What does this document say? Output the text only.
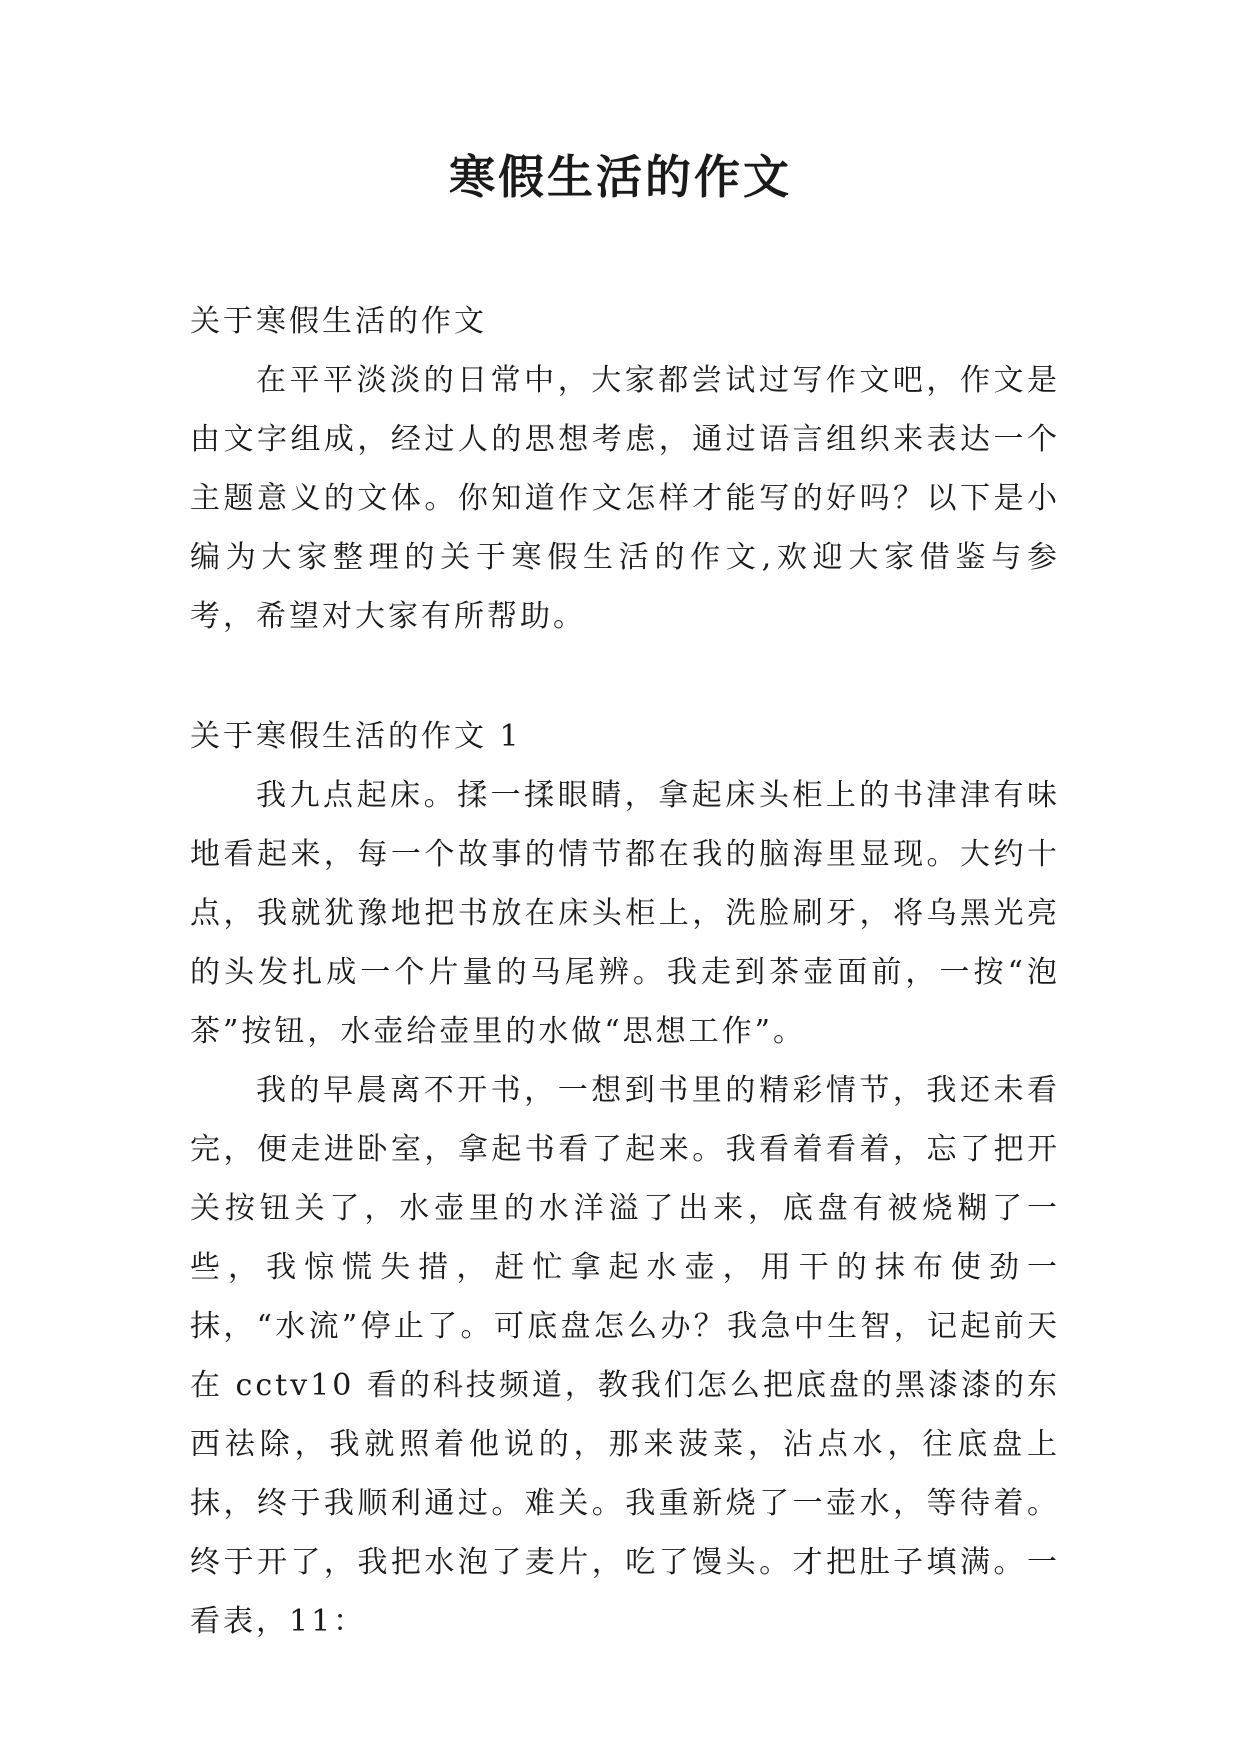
寒假生活的作文

关于寒假生活的作文

在平平淡淡的日常中，大家都尝试过写作文吧，作文是由文字组成，经过人的思想考虑，通过语言组织来表达一个主题意义的文体。你知道作文怎样才能写的好吗？以下是小编为大家整理的关于寒假生活的作文,欢迎大家借鉴与参考，希望对大家有所帮助。

关于寒假生活的作文 1

我九点起床。揉一揉眼睛，拿起床头柜上的书津津有味地看起来，每一个故事的情节都在我的脑海里显现。大约十点，我就犹豫地把书放在床头柜上，洗脸刷牙，将乌黑光亮的头发扎成一个片量的马尾辨。我走到茶壶面前，一按“泡茶”按钮，水壶给壶里的水做“思想工作”。

我的早晨离不开书，一想到书里的精彩情节，我还未看完，便走进卧室，拿起书看了起来。我看着看着，忘了把开关按钮关了，水壶里的水洋溢了出来，底盘有被烧糊了一些，我惊慌失措，赶忙拿起水壶，用干的抹布使劲一抹，“水流”停止了。可底盘怎么办？我急中生智，记起前天在 cctv10 看的科技频道，教我们怎么把底盘的黑漆漆的东西祛除，我就照着他说的，那来菠菜，沾点水，往底盘上抹，终于我顺利通过。难关。我重新烧了一壶水，等待着。终于开了，我把水泡了麦片，吃了馒头。才把肚子填满。一看表，11：
